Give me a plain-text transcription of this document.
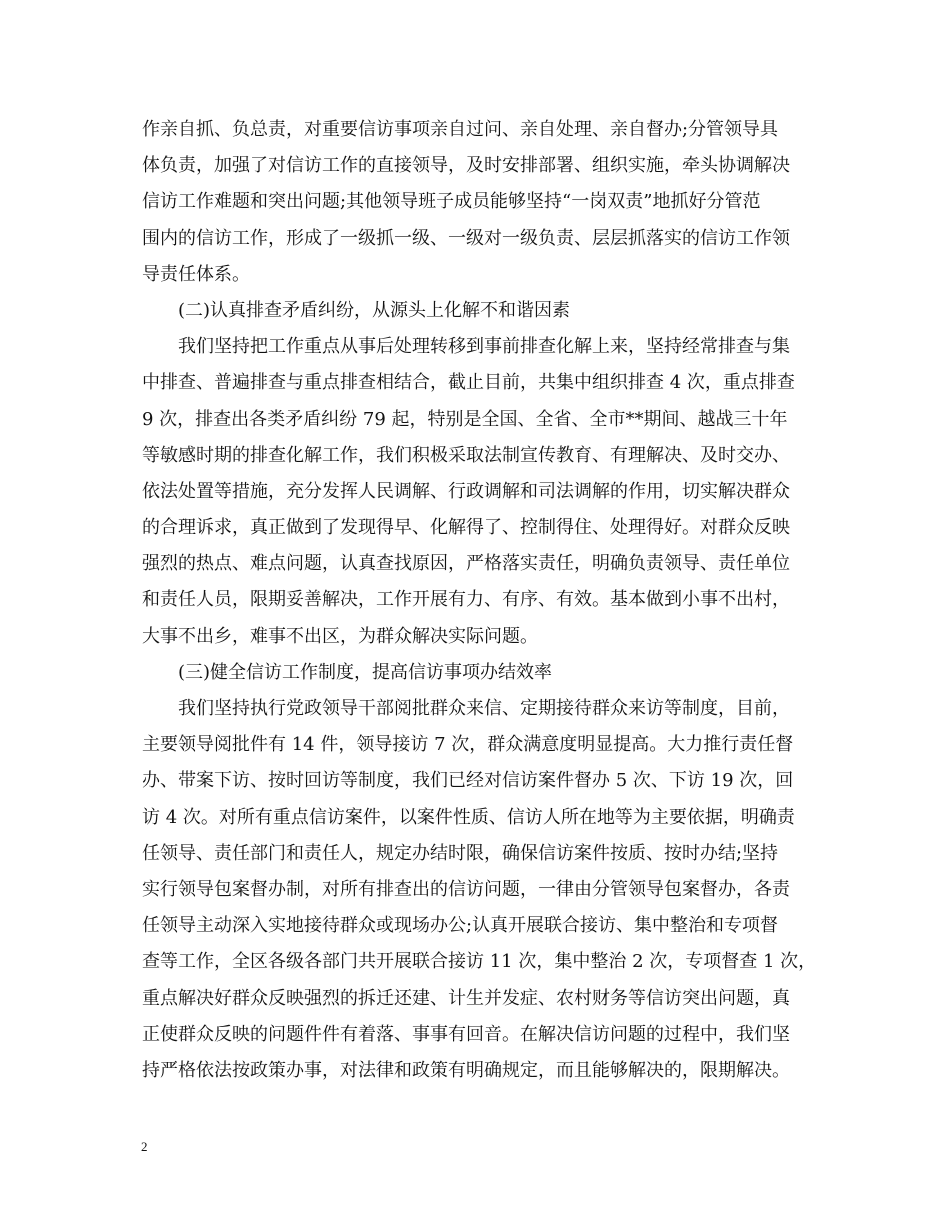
作亲自抓、负总责，对重要信访事项亲自过问、亲自处理、亲自督办;分管领导具
体负责，加强了对信访工作的直接领导，及时安排部署、组织实施，牵头协调解决
信访工作难题和突出问题;其他领导班子成员能够坚持“一岗双责”地抓好分管范
围内的信访工作，形成了一级抓一级、一级对一级负责、层层抓落实的信访工作领
导责任体系。
(二)认真排查矛盾纠纷，从源头上化解不和谐因素
我们坚持把工作重点从事后处理转移到事前排查化解上来，坚持经常排查与集
中排查、普遍排查与重点排查相结合，截止目前，共集中组织排查 4 次，重点排查
9 次，排查出各类矛盾纠纷 79 起，特别是全国、全省、全市**期间、越战三十年
等敏感时期的排查化解工作，我们积极采取法制宣传教育、有理解决、及时交办、
依法处置等措施，充分发挥人民调解、行政调解和司法调解的作用，切实解决群众
的合理诉求，真正做到了发现得早、化解得了、控制得住、处理得好。对群众反映
强烈的热点、难点问题，认真查找原因，严格落实责任，明确负责领导、责任单位
和责任人员，限期妥善解决，工作开展有力、有序、有效。基本做到小事不出村，
大事不出乡，难事不出区，为群众解决实际问题。
(三)健全信访工作制度，提高信访事项办结效率
我们坚持执行党政领导干部阅批群众来信、定期接待群众来访等制度，目前，
主要领导阅批件有 14 件，领导接访 7 次，群众满意度明显提高。大力推行责任督
办、带案下访、按时回访等制度，我们已经对信访案件督办 5 次、下访 19 次，回
访 4 次。对所有重点信访案件，以案件性质、信访人所在地等为主要依据，明确责
任领导、责任部门和责任人，规定办结时限，确保信访案件按质、按时办结;坚持
实行领导包案督办制，对所有排查出的信访问题，一律由分管领导包案督办，各责
任领导主动深入实地接待群众或现场办公;认真开展联合接访、集中整治和专项督
查等工作，全区各级各部门共开展联合接访 11 次，集中整治 2 次，专项督查 1 次，
重点解决好群众反映强烈的拆迁还建、计生并发症、农村财务等信访突出问题，真
正使群众反映的问题件件有着落、事事有回音。在解决信访问题的过程中，我们坚
持严格依法按政策办事，对法律和政策有明确规定，而且能够解决的，限期解决。
2
